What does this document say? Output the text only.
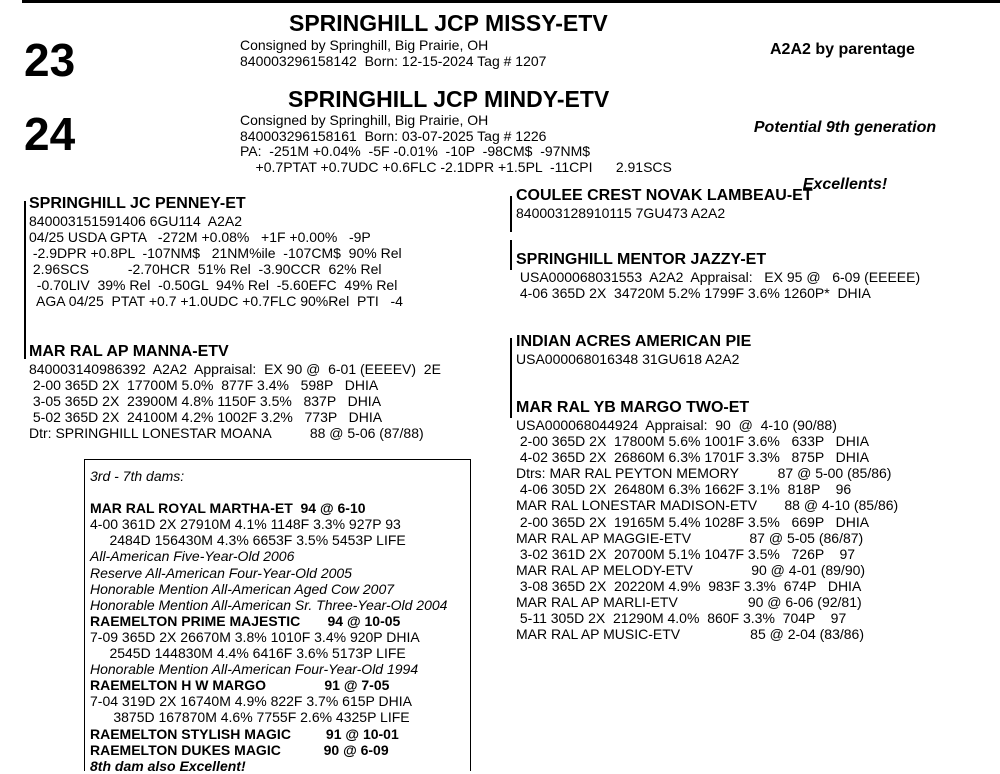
23
SPRINGHILL JCP MISSY-ETV
Consigned by Springhill, Big Prairie, OH
840003296158142  Born: 12-15-2024 Tag # 1207
24
SPRINGHILL JCP MINDY-ETV
Consigned by Springhill, Big Prairie, OH
840003296158161  Born: 03-07-2025 Tag # 1226
PA:  -251M +0.04%  -5F -0.01%  -10P  -98CM$  -97NM$
+0.7PTAT +0.7UDC +0.6FLC -2.1DPR +1.5PL  -11CPI      2.91SCS
A2A2 by parentage

Potential 9th generation

Excellents!

SPRINGHILL JC PENNEY-ET
840003151591406 6GU114  A2A2
04/25 USDA GPTA   -272M +0.08%   +1F +0.00%   -9P
-2.9DPR +0.8PL  -107NM$   21NM%ile  -107CM$  90% Rel
2.96SCS          -2.70HCR  51% Rel  -3.90CCR  62% Rel
-0.70LIV  39% Rel  -0.50GL  94% Rel  -5.60EFC  49% Rel
AGA 04/25  PTAT +0.7 +1.0UDC +0.7FLC 90%Rel  PTI   -4
MAR RAL AP MANNA-ETV
840003140986392  A2A2  Appraisal:  EX 90 @  6-01 (EEEEV)  2E
2-00 365D 2X  17700M 5.0%  877F 3.4%   598P   DHIA
3-05 365D 2X  23900M 4.8% 1150F 3.5%   837P   DHIA
5-02 365D 2X  24100M 4.2% 1002F 3.2%   773P   DHIA
Dtr: SPRINGHILL LONESTAR MOANA          88 @ 5-06 (87/88)
COULEE CREST NOVAK LAMBEAU-ET
840003128910115 7GU473 A2A2
SPRINGHILL MENTOR JAZZY-ET
USA000068031553  A2A2  Appraisal:   EX 95 @   6-09 (EEEEE)
4-06 365D 2X  34720M 5.2% 1799F 3.6% 1260P*  DHIA
INDIAN ACRES AMERICAN PIE
USA000068016348 31GU618 A2A2
MAR RAL YB MARGO TWO-ET
USA000068044924  Appraisal:  90  @  4-10 (90/88)
2-00 365D 2X  17800M 5.6% 1001F 3.6%   633P   DHIA
4-02 365D 2X  26860M 6.3% 1701F 3.3%   875P   DHIA
Dtrs: MAR RAL PEYTON MEMORY          87 @ 5-00 (85/86)
4-06 305D 2X  26480M 6.3% 1662F 3.1%  818P    96
MAR RAL LONESTAR MADISON-ETV       88 @ 4-10 (85/86)
2-00 365D 2X  19165M 5.4% 1028F 3.5%   669P   DHIA
MAR RAL AP MAGGIE-ETV               87 @ 5-05 (86/87)
3-02 361D 2X  20700M 5.1% 1047F 3.5%   726P    97
MAR RAL AP MELODY-ETV               90 @ 4-01 (89/90)
3-08 365D 2X  20220M 4.9%  983F 3.3%  674P   DHIA
MAR RAL AP MARLI-ETV                  90 @ 6-06 (92/81)
5-11 305D 2X  21290M 4.0%  860F 3.3%  704P    97
MAR RAL AP MUSIC-ETV                  85 @ 2-04 (83/86)
3rd - 7th dams:

MAR RAL ROYAL MARTHA-ET  94 @ 6-10
4-00 361D 2X 27910M 4.1% 1148F 3.3% 927P 93
2484D 156430M 4.3% 6653F 3.5% 5453P LIFE
All-American Five-Year-Old 2006
Reserve All-American Four-Year-Old 2005
Honorable Mention All-American Aged Cow 2007
Honorable Mention All-American Sr. Three-Year-Old 2004
RAEMELTON PRIME MAJESTIC       94 @ 10-05
7-09 365D 2X 26670M 3.8% 1010F 3.4% 920P DHIA
2545D 144830M 4.4% 6416F 3.6% 5173P LIFE
Honorable Mention All-American Four-Year-Old 1994
RAEMELTON H W MARGO               91 @ 7-05
7-04 319D 2X 16740M 4.9% 822F 3.7% 615P DHIA
3875D 167870M 4.6% 7755F 2.6% 4325P LIFE
RAEMELTON STYLISH MAGIC         91 @ 10-01
RAEMELTON DUKES MAGIC           90 @ 6-09
8th dam also Excellent!
